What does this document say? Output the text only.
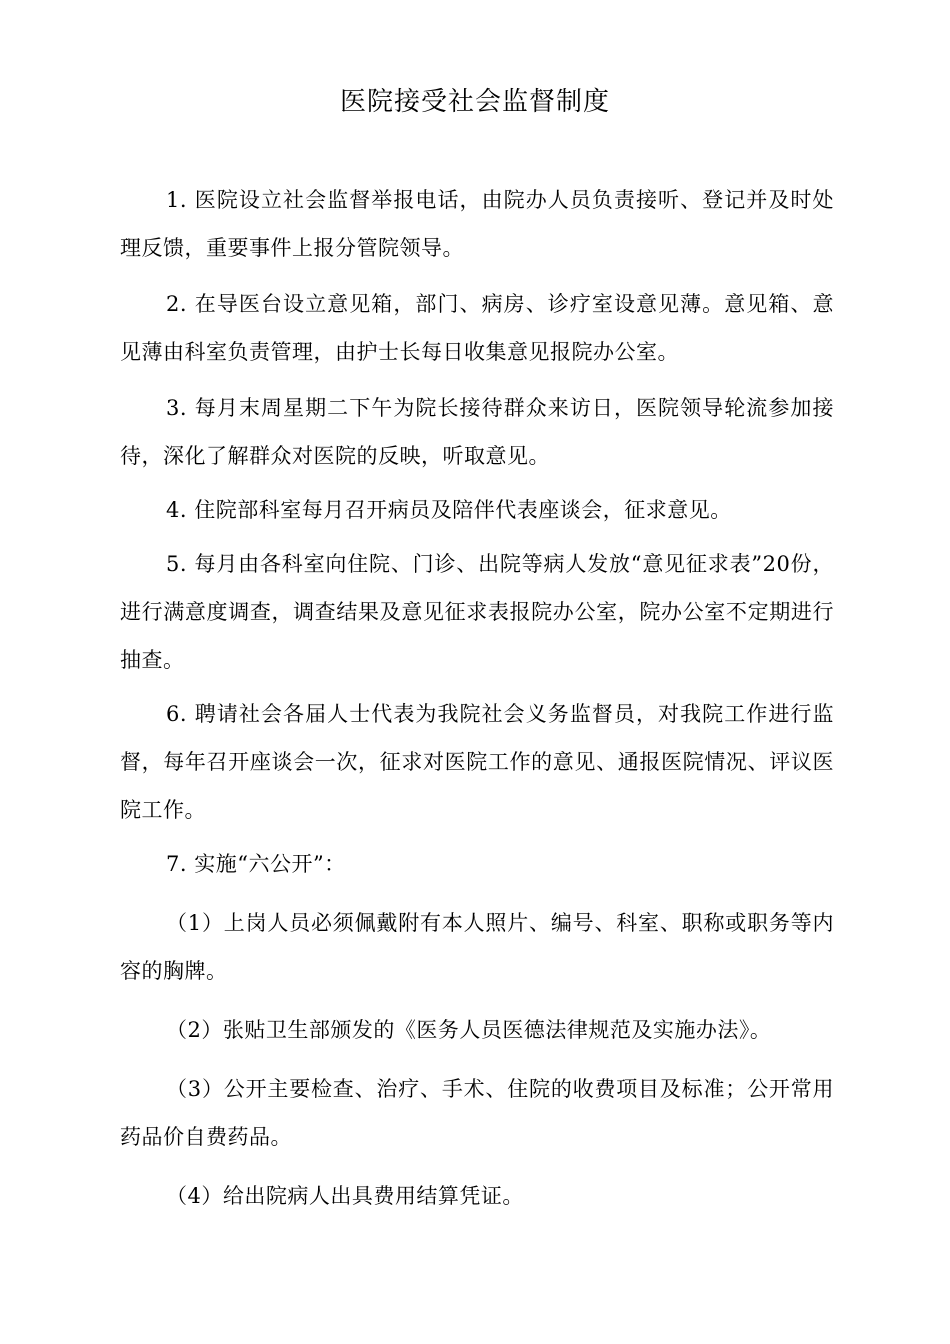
医院接受社会监督制度

1. 医院设立社会监督举报电话，由院办人员负责接听、登记并及时处理反馈，重要事件上报分管院领导。

2. 在导医台设立意见箱，部门、病房、诊疗室设意见薄。意见箱、意见薄由科室负责管理，由护士长每日收集意见报院办公室。

3. 每月末周星期二下午为院长接待群众来访日，医院领导轮流参加接待，深化了解群众对医院的反映，听取意见。

4. 住院部科室每月召开病员及陪伴代表座谈会，征求意见。

5. 每月由各科室向住院、门诊、出院等病人发放“意见征求表”20份，进行满意度调查，调查结果及意见征求表报院办公室，院办公室不定期进行抽查。

6. 聘请社会各届人士代表为我院社会义务监督员，对我院工作进行监督，每年召开座谈会一次，征求对医院工作的意见、通报医院情况、评议医院工作。

7. 实施“六公开”：

（1）上岗人员必须佩戴附有本人照片、编号、科室、职称或职务等内容的胸牌。

（2）张贴卫生部颁发的《医务人员医德法律规范及实施办法》。

（3）公开主要检查、治疗、手术、住院的收费项目及标准；公开常用药品价自费药品。

（4）给出院病人出具费用结算凭证。
